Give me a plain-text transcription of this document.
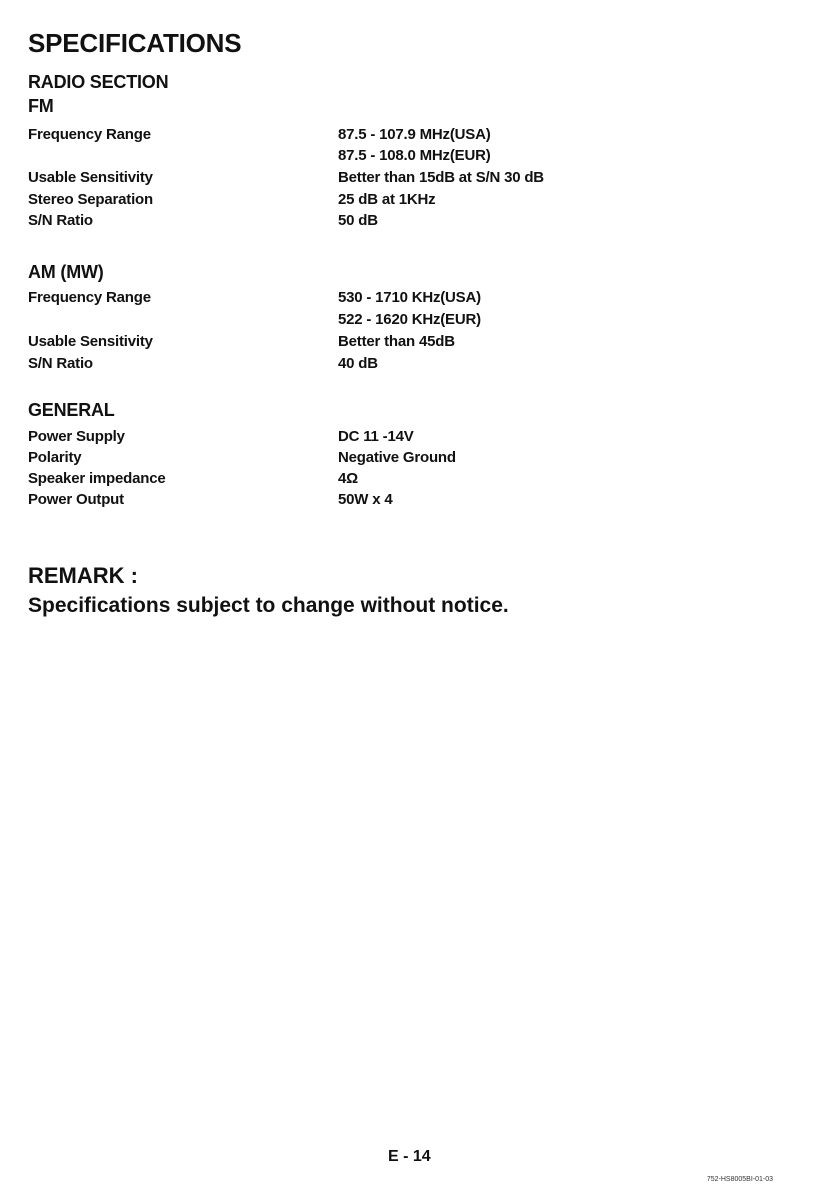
SPECIFICATIONS
RADIO SECTION
FM
Frequency Range	87.5 - 107.9 MHz(USA)
87.5 - 108.0 MHz(EUR)
Usable Sensitivity	Better than 15dB at S/N 30 dB
Stereo Separation	25 dB at 1KHz
S/N Ratio	50 dB
AM (MW)
Frequency Range	530 - 1710 KHz(USA)
522 - 1620 KHz(EUR)
Usable Sensitivity	Better than 45dB
S/N Ratio	40 dB
GENERAL
Power Supply	DC 11 -14V
Polarity	Negative Ground
Speaker impedance	4Ω
Power Output	50W x 4
REMARK :

Specifications subject to change without notice.

E - 14

752-HS8005BI-01-03
